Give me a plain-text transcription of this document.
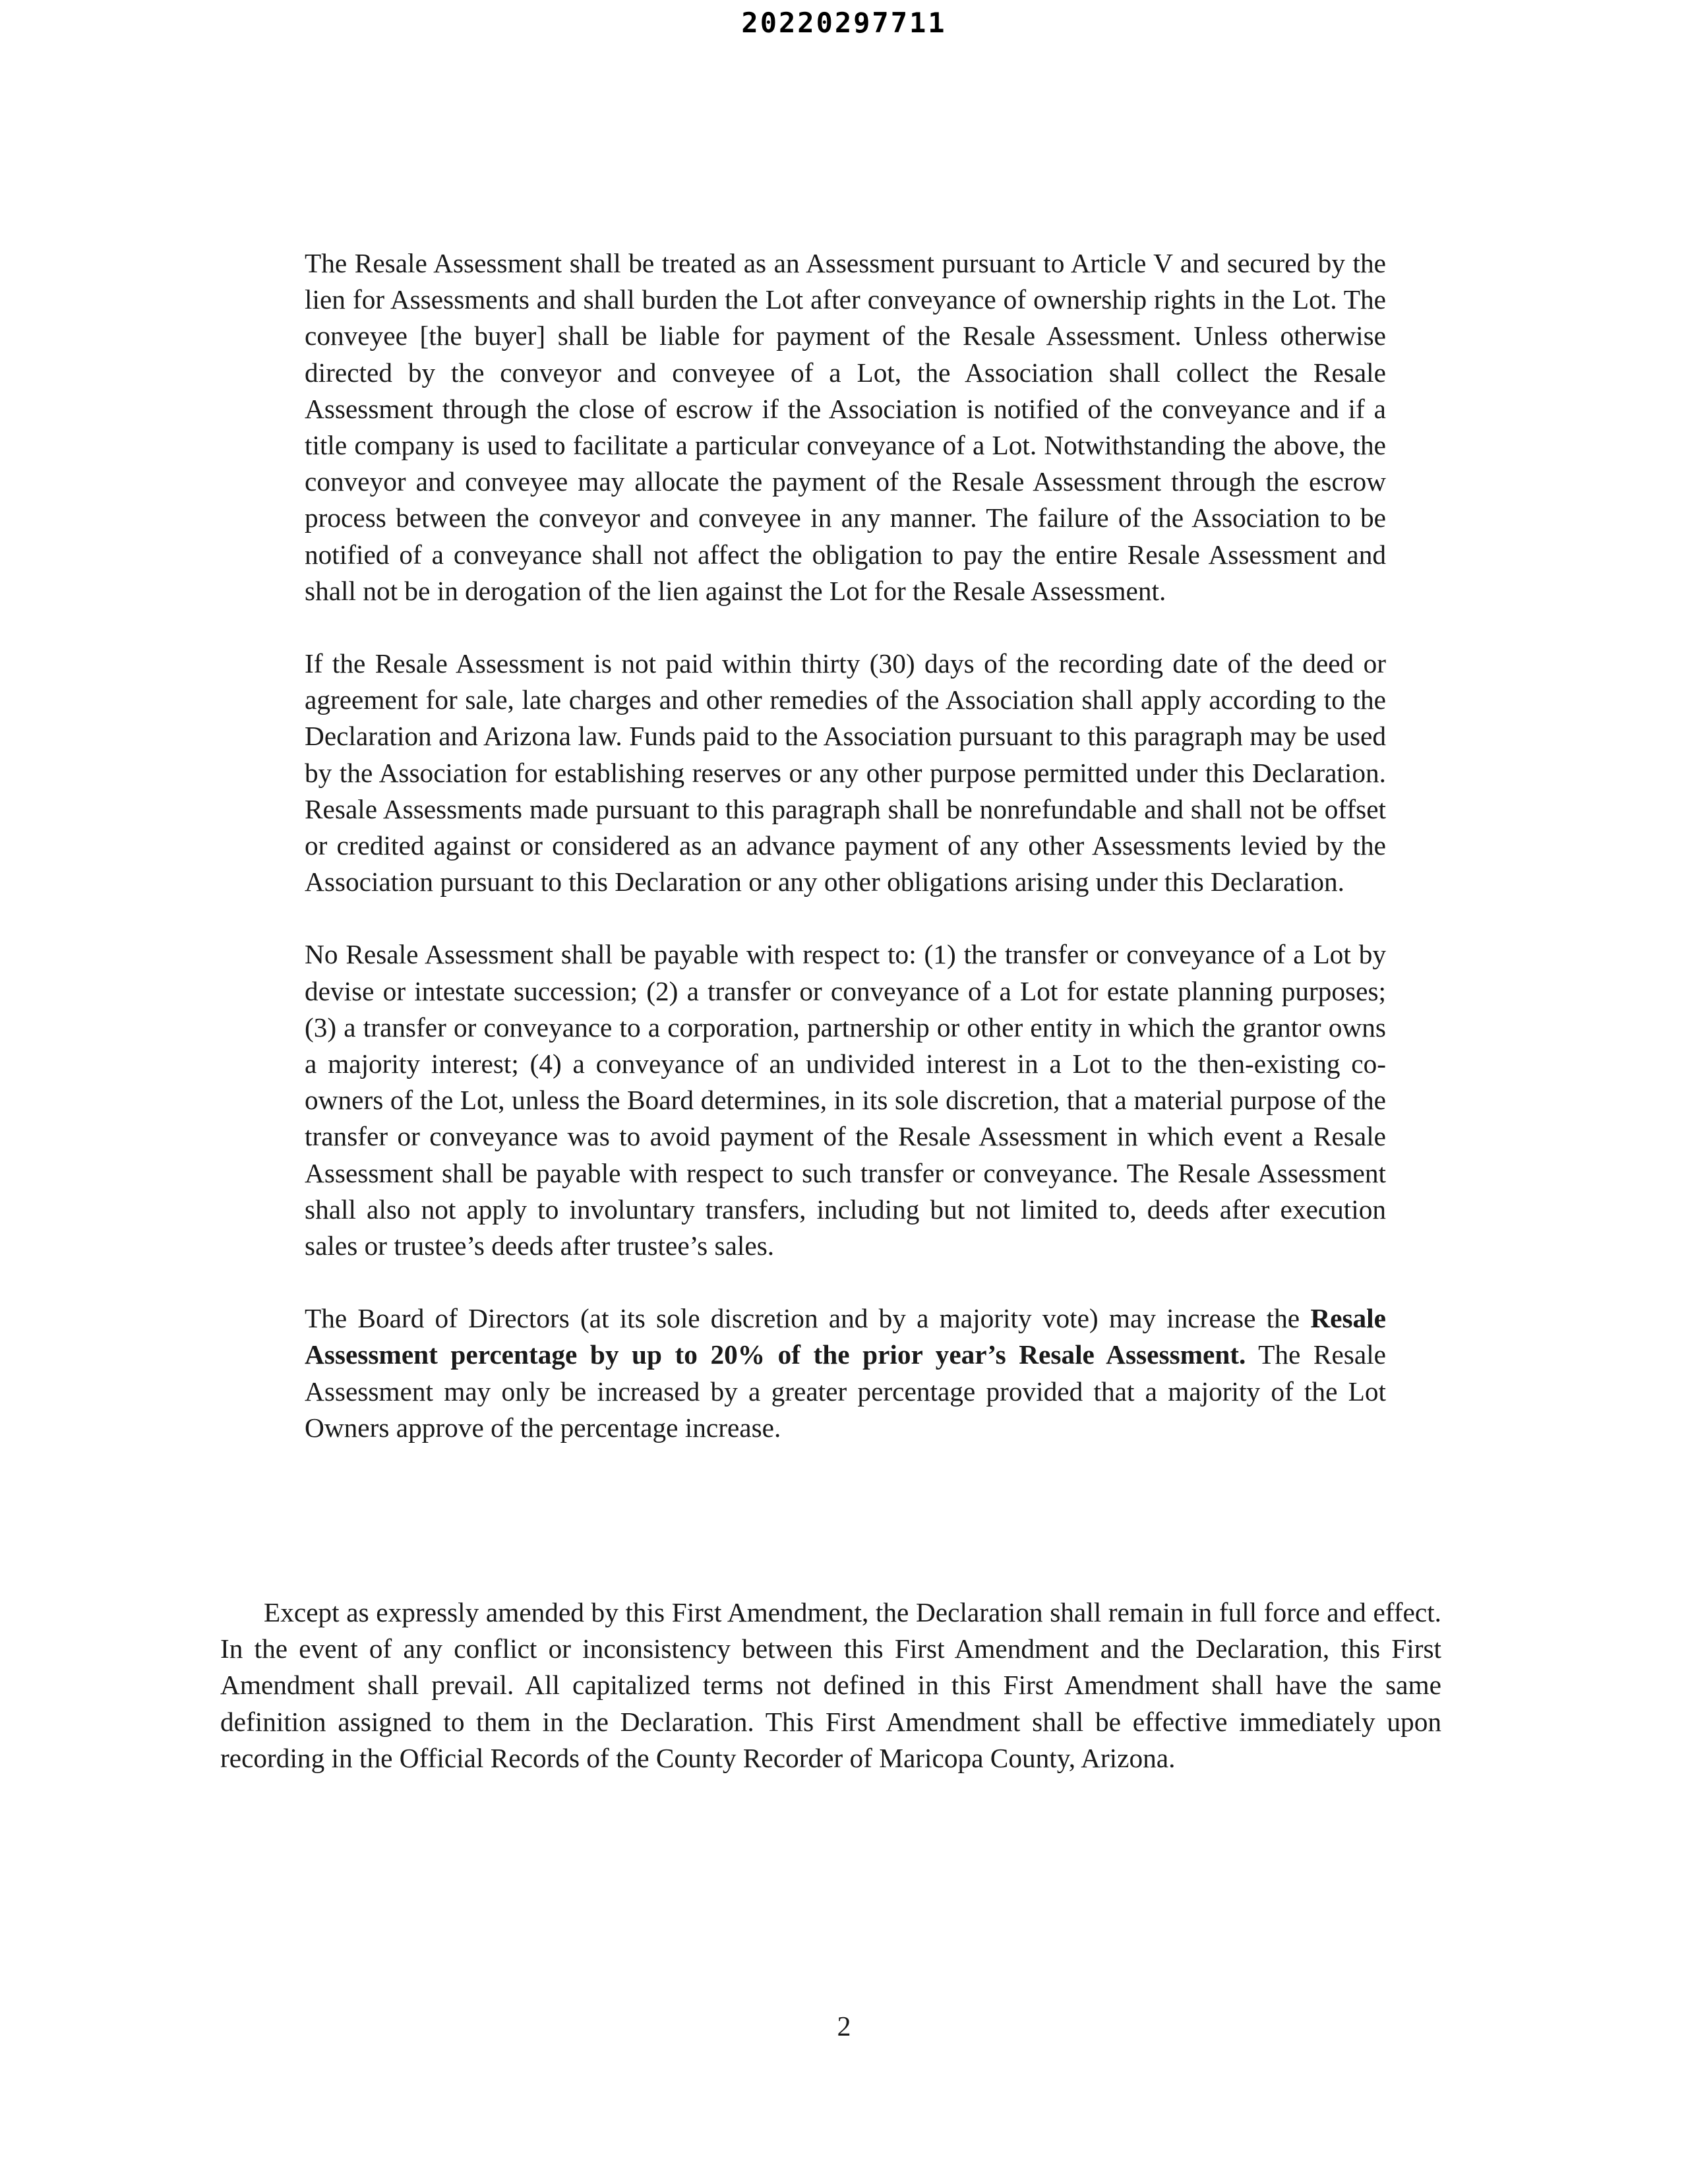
20220297711

The Resale Assessment shall be treated as an Assessment pursuant to Article V and secured by the lien for Assessments and shall burden the Lot after conveyance of ownership rights in the Lot. The conveyee [the buyer] shall be liable for payment of the Resale Assessment. Unless otherwise directed by the conveyor and conveyee of a Lot, the Association shall collect the Resale Assessment through the close of escrow if the Association is notified of the conveyance and if a title company is used to facilitate a particular conveyance of a Lot. Notwithstanding the above, the conveyor and conveyee may allocate the payment of the Resale Assessment through the escrow process between the conveyor and conveyee in any manner. The failure of the Association to be notified of a conveyance shall not affect the obligation to pay the entire Resale Assessment and shall not be in derogation of the lien against the Lot for the Resale Assessment.

If the Resale Assessment is not paid within thirty (30) days of the recording date of the deed or agreement for sale, late charges and other remedies of the Association shall apply according to the Declaration and Arizona law. Funds paid to the Association pursuant to this paragraph may be used by the Association for establishing reserves or any other purpose permitted under this Declaration. Resale Assessments made pursuant to this paragraph shall be nonrefundable and shall not be offset or credited against or considered as an advance payment of any other Assessments levied by the Association pursuant to this Declaration or any other obligations arising under this Declaration.

No Resale Assessment shall be payable with respect to: (1) the transfer or conveyance of a Lot by devise or intestate succession; (2) a transfer or conveyance of a Lot for estate planning purposes; (3) a transfer or conveyance to a corporation, partnership or other entity in which the grantor owns a majority interest; (4) a conveyance of an undivided interest in a Lot to the then-existing co-owners of the Lot, unless the Board determines, in its sole discretion, that a material purpose of the transfer or conveyance was to avoid payment of the Resale Assessment in which event a Resale Assessment shall be payable with respect to such transfer or conveyance. The Resale Assessment shall also not apply to involuntary transfers, including but not limited to, deeds after execution sales or trustee’s deeds after trustee’s sales.

The Board of Directors (at its sole discretion and by a majority vote) may increase the Resale Assessment percentage by up to 20% of the prior year’s Resale Assessment. The Resale Assessment may only be increased by a greater percentage provided that a majority of the Lot Owners approve of the percentage increase.

Except as expressly amended by this First Amendment, the Declaration shall remain in full force and effect. In the event of any conflict or inconsistency between this First Amendment and the Declaration, this First Amendment shall prevail. All capitalized terms not defined in this First Amendment shall have the same definition assigned to them in the Declaration. This First Amendment shall be effective immediately upon recording in the Official Records of the County Recorder of Maricopa County, Arizona.

2
